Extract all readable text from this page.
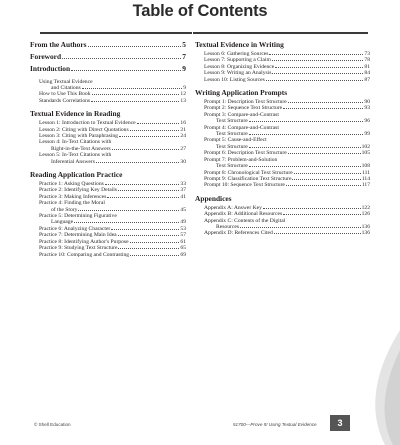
Table of Contents
From the Authors	5
Foreword	7
Introduction	9
Using Textual Evidence
and Citations	9
How to Use This Book	12
Standards Correlations	13
Textual Evidence in Reading
Lesson 1: Introduction to Textual Evidence	16
Lesson 2: Citing with Direct Quotations	21
Lesson 3: Citing with Paraphrasing	24
Lesson 4: In-Text Citations with
Right-in-the-Text Answers	27
Lesson 5: In-Text Citations with
Inferential Answers	30
Reading Application Practice
Practice 1: Asking Questions	33
Practice 2: Identifying Key Details	37
Practice 3: Making Inferences	41
Practice 4: Finding the Moral
of the Story	45
Practice 5: Determining Figurative
Language	49
Practice 6: Analyzing Character	53
Practice 7: Determining Main Idea	57
Practice 8: Identifying Author's Purpose	61
Practice 9: Studying Text Structure	65
Practice 10: Comparing and Contrasting	69
Textual Evidence in Writing
Lesson 6: Gathering Sources	73
Lesson 7: Supporting a Claim	78
Lesson 8: Organizing Evidence	81
Lesson 9: Writing an Analysis	84
Lesson 10: Listing Sources	87
Writing Application Prompts
Prompt 1: Description Text Structure	90
Prompt 2: Sequence Text Structure	93
Prompt 3: Compare-and-Contrast
Text Structure	96
Prompt 4: Compare-and-Contrast
Text Structure	99
Prompt 5: Cause-and-Effect
Text Structure	102
Prompt 6: Description Text Structure	105
Prompt 7: Problem-and-Solution
Text Structure	108
Prompt 8: Chronological Text Structure	111
Prompt 9: Classification Text Structure	114
Prompt 10: Sequence Text Structure	117
Appendices
Appendix A: Answer Key	122
Appendix B: Additional Resources	126
Appendix C: Contents of the Digital
Resources	136
Appendix D: References Cited	136
© Shell Education	51700—Prove It! Using Textual Evidence	3
